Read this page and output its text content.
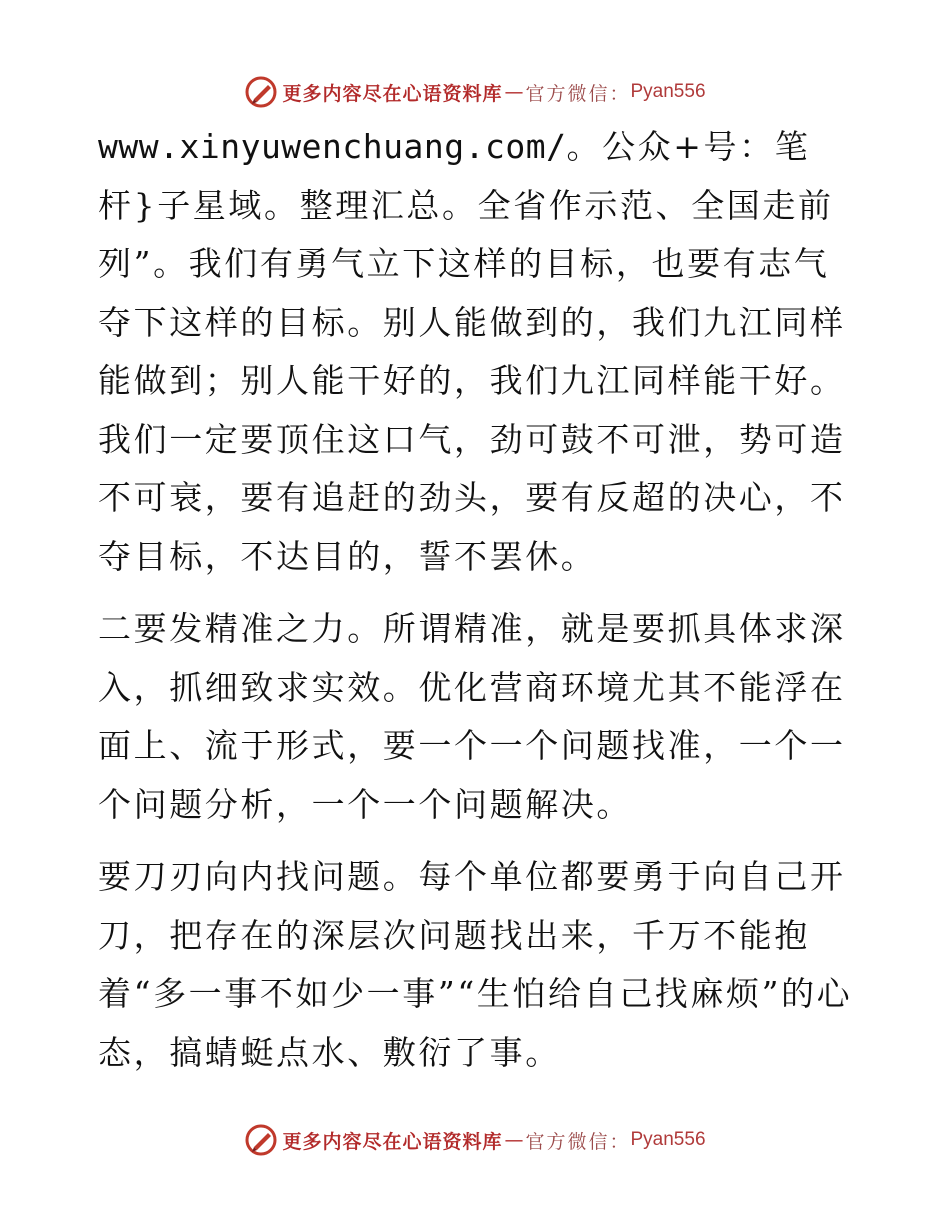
更多内容尽在心语资料库 — 官方微信： Pyan556

www.xinyuwenchuang.com/。公众+号：笔杆}子星域。整理汇总。全省作示范、全国走前列”。我们有勇气立下这样的目标，也要有志气夺下这样的目标。别人能做到的，我们九江同样能做到；别人能干好的，我们九江同样能干好。我们一定要顶住这口气，劲可鼓不可泄，势可造不可衰，要有追赶的劲头，要有反超的决心，不夺目标，不达目的，誓不罢休。

二要发精准之力。所谓精准，就是要抓具体求深入，抓细致求实效。优化营商环境尤其不能浮在面上、流于形式，要一个一个问题找准，一个一个问题分析，一个一个问题解决。

要刀刃向内找问题。每个单位都要勇于向自己开刀，把存在的深层次问题找出来，千万不能抱
着“多一事不如少一事”“生怕给自己找麻烦”的心态，搞蜻蜓点水、敷衍了事。

更多内容尽在心语资料库 — 官方微信： Pyan556
